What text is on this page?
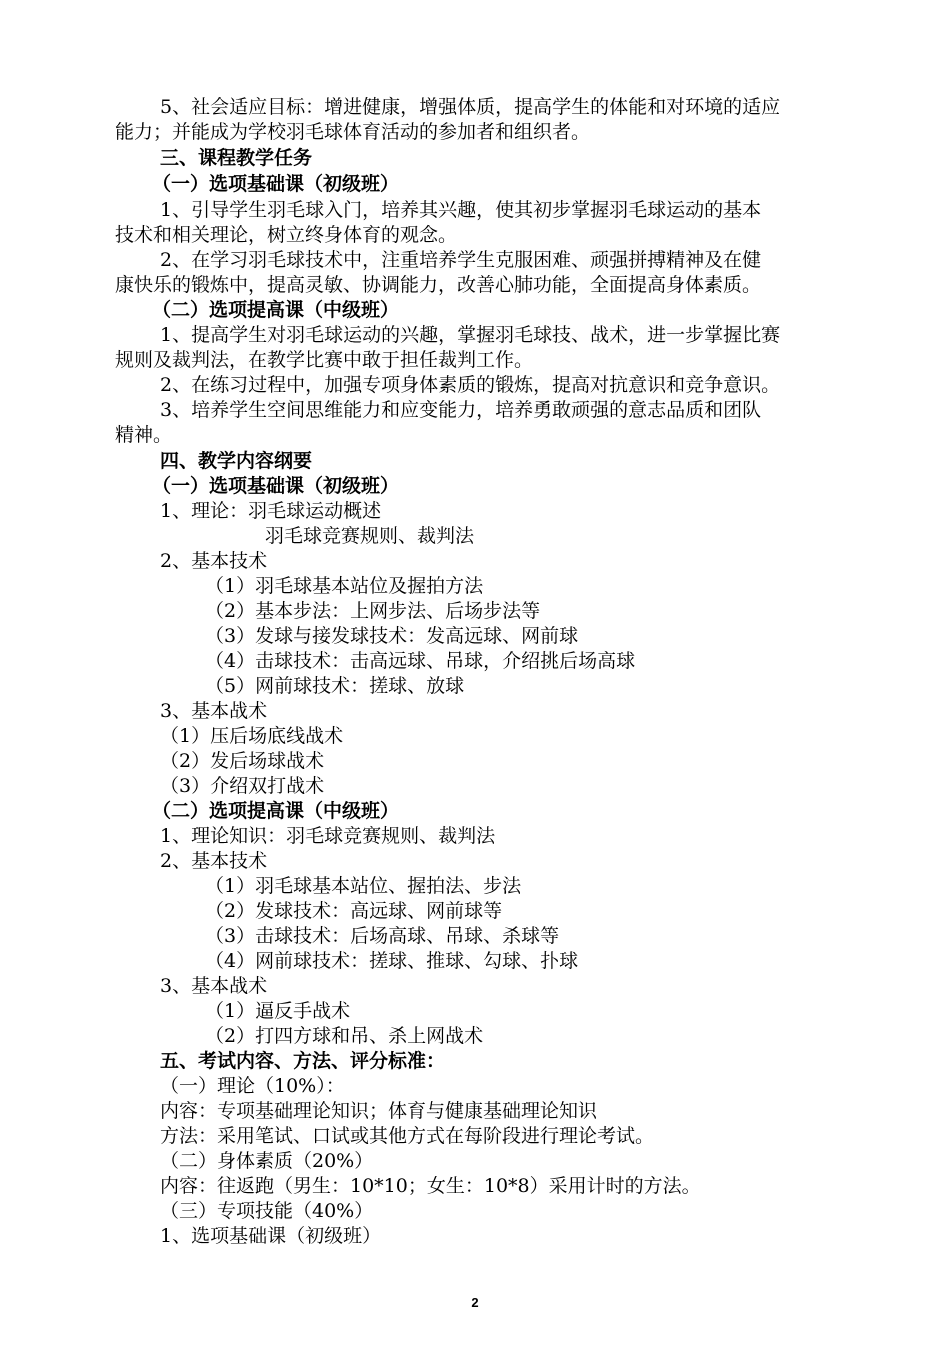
5、社会适应目标：增进健康，增强体质，提高学生的体能和对环境的适应
能力；并能成为学校羽毛球体育活动的参加者和组织者。
三、课程教学任务
（一）选项基础课（初级班）
1、引导学生羽毛球入门，培养其兴趣，使其初步掌握羽毛球运动的基本
技术和相关理论，树立终身体育的观念。
2、在学习羽毛球技术中，注重培养学生克服困难、顽强拼搏精神及在健
康快乐的锻炼中，提高灵敏、协调能力，改善心肺功能，全面提高身体素质。
（二）选项提高课（中级班）
1、提高学生对羽毛球运动的兴趣，掌握羽毛球技、战术，进一步掌握比赛
规则及裁判法，在教学比赛中敢于担任裁判工作。
2、在练习过程中，加强专项身体素质的锻炼，提高对抗意识和竞争意识。
3、培养学生空间思维能力和应变能力，培养勇敢顽强的意志品质和团队
精神。
四、教学内容纲要
（一）选项基础课（初级班）
1、理论：羽毛球运动概述
羽毛球竞赛规则、裁判法
2、基本技术
（1）羽毛球基本站位及握拍方法
（2）基本步法：上网步法、后场步法等
（3）发球与接发球技术：发高远球、网前球
（4）击球技术：击高远球、吊球，介绍挑后场高球
（5）网前球技术：搓球、放球
3、基本战术
（1）压后场底线战术
（2）发后场球战术
（3）介绍双打战术
（二）选项提高课（中级班）
1、理论知识：羽毛球竞赛规则、裁判法
2、基本技术
（1）羽毛球基本站位、握拍法、步法
（2）发球技术：高远球、网前球等
（3）击球技术：后场高球、吊球、杀球等
（4）网前球技术：搓球、推球、勾球、扑球
3、基本战术
（1）逼反手战术
（2）打四方球和吊、杀上网战术
五、考试内容、方法、评分标准：
（一）理论（10%）：
内容：专项基础理论知识；体育与健康基础理论知识
方法：采用笔试、口试或其他方式在每阶段进行理论考试。
（二）身体素质（20%）
内容：往返跑（男生：10*10；女生：10*8）采用计时的方法。
（三）专项技能（40%）
1、选项基础课（初级班）
2
